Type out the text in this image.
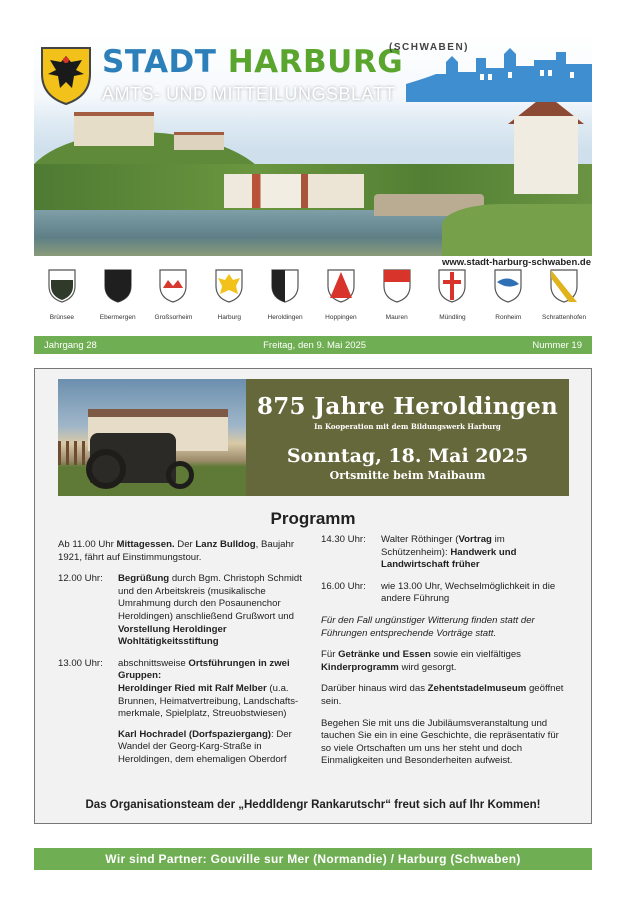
STADT HARBURG
(SCHWABEN)
AMTS- UND MITTEILUNGSBLATT
www.stadt-harburg-schwaben.de
Brünsee	Ebermergen	Großsorheim	Harburg	Heroldingen	Hoppingen	Mauren	Mündling	Ronheim	Schrattenhofen
Jahrgang 28	Freitag, den 9. Mai 2025	Nummer 19
875 Jahre Heroldingen
In Kooperation mit dem Bildungswerk Harburg
Sonntag, 18. Mai 2025
Ortsmitte beim Maibaum
Programm

Ab 11.00 Uhr Mittagessen. Der Lanz Bulldog, Baujahr 1921, fährt auf Einstimmungstour.

12.00 Uhr:	Begrüßung durch Bgm. Christoph Schmidt und den Arbeitskreis (musikalische Umrahmung durch den Posaunenchor Heroldingen) anschließend Grußwort und Vorstellung Heroldinger Wohltätigkeitsstiftung
13.00 Uhr:	abschnittsweise Ortsführungen in zwei Gruppen:
Heroldinger Ried mit Ralf Melber (u.a. Brunnen, Heimatvertreibung, Landschafts-merkmale, Spielplatz, Streuobstwiesen)

Karl Hochradel (Dorfspaziergang): Der Wandel der Georg-Karg-Straße in Heroldingen, dem ehemaligen Oberdorf

14.30 Uhr:	Walter Röthinger (Vortrag im Schützenheim): Handwerk und Landwirtschaft früher
16.00 Uhr:	wie 13.00 Uhr, Wechselmöglichkeit in die andere Führung

Für den Fall ungünstiger Witterung finden statt der Führungen entsprechende Vorträge statt.

Für Getränke und Essen sowie ein vielfältiges Kinderprogramm wird gesorgt.

Darüber hinaus wird das Zehentstadelmuseum geöffnet sein.

Begehen Sie mit uns die Jubiläumsveranstaltung und tauchen Sie ein in eine Geschichte, die repräsentativ für so viele Ortschaften um uns her steht und doch Einmaligkeiten und Besonderheiten aufweist.

Das Organisationsteam der „Heddldengr Rankarutschr“ freut sich auf Ihr Kommen!
Wir sind Partner: Gouville sur Mer (Normandie) / Harburg (Schwaben)
